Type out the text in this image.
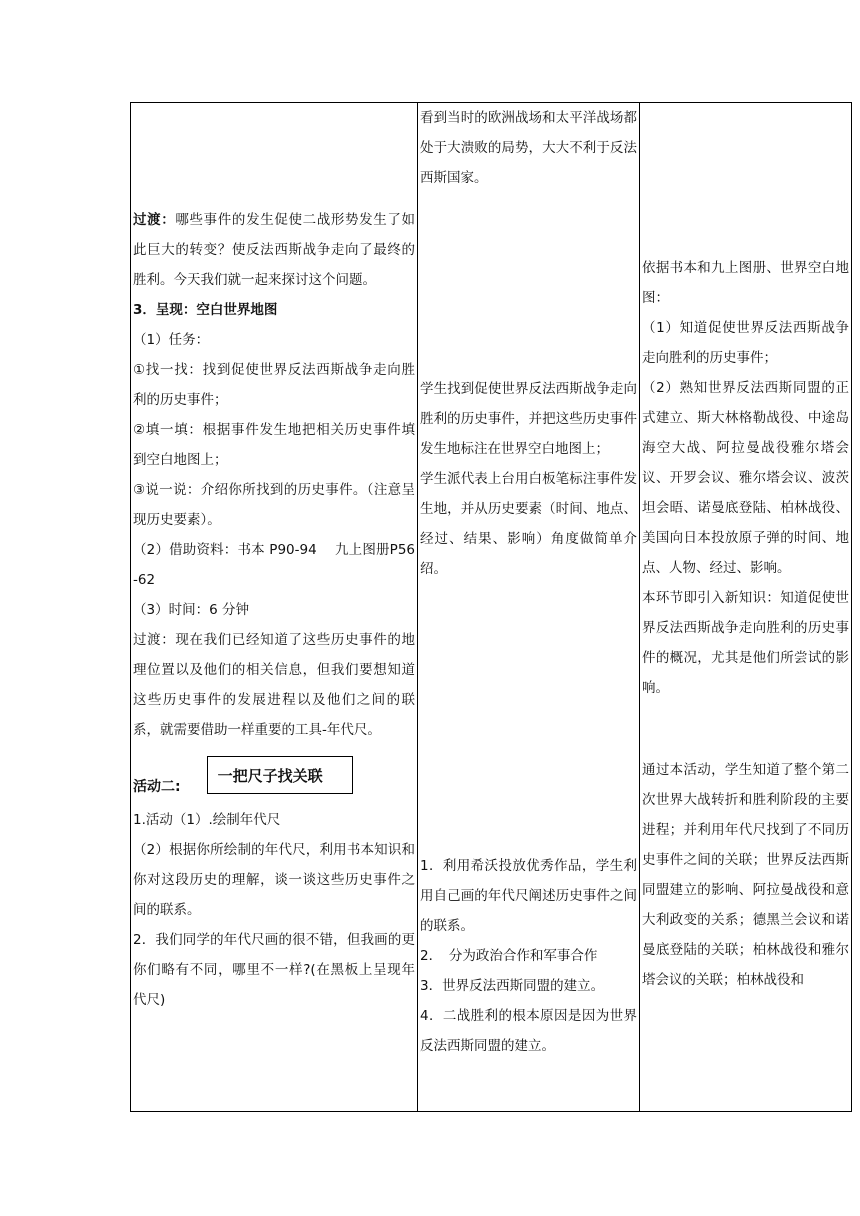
过渡：哪些事件的发生促使二战形势发生了如此巨大的转变？使反法西斯战争走向了最终的胜利。今天我们就一起来探讨这个问题。
3．呈现：空白世界地图
（1）任务：
①找一找：找到促使世界反法西斯战争走向胜利的历史事件；
②填一填：根据事件发生地把相关历史事件填到空白地图上；
③说一说：介绍你所找到的历史事件。（注意呈现历史要素）。
（2）借助资料：书本 P90-94　 九上图册P56-62
（3）时间：6 分钟
过渡：现在我们已经知道了这些历史事件的地理位置以及他们的相关信息，但我们要想知道这些历史事件的发展进程以及他们之间的联系，就需要借助一样重要的工具-年代尺。
活动二:
一把尺子找关联
1.活动（1）.绘制年代尺
（2）根据你所绘制的年代尺，利用书本知识和你对这段历史的理解，谈一谈这些历史事件之间的联系。
2．我们同学的年代尺画的很不错，但我画的更你们略有不同，哪里不一样?(在黑板上呈现年代尺)

看到当时的欧洲战场和太平洋战场都处于大溃败的局势，大大不利于反法西斯国家。
学生找到促使世界反法西斯战争走向胜利的历史事件，并把这些历史事件发生地标注在世界空白地图上；
学生派代表上台用白板笔标注事件发生地，并从历史要素（时间、地点、经过、结果、影响）角度做简单介绍。
1．利用希沃投放优秀作品，学生利用自己画的年代尺阐述历史事件之间的联系。
2．　分为政治合作和军事合作
3．世界反法西斯同盟的建立。
4．二战胜利的根本原因是因为世界反法西斯同盟的建立。

依据书本和九上图册、世界空白地图：
（1）知道促使世界反法西斯战争走向胜利的历史事件；
（2）熟知世界反法西斯同盟的正式建立、斯大林格勒战役、中途岛海空大战、阿拉曼战役雅尔塔会议、开罗会议、雅尔塔会议、波茨坦会晤、诺曼底登陆、柏林战役、美国向日本投放原子弹的时间、地点、人物、经过、影响。
本环节即引入新知识：知道促使世界反法西斯战争走向胜利的历史事件的概况，尤其是他们所尝试的影响。
通过本活动，学生知道了整个第二次世界大战转折和胜利阶段的主要进程；并利用年代尺找到了不同历史事件之间的关联；世界反法西斯同盟建立的影响、阿拉曼战役和意大利政变的关系；德黑兰会议和诺曼底登陆的关联；柏林战役和雅尔塔会议的关联；柏林战役和
